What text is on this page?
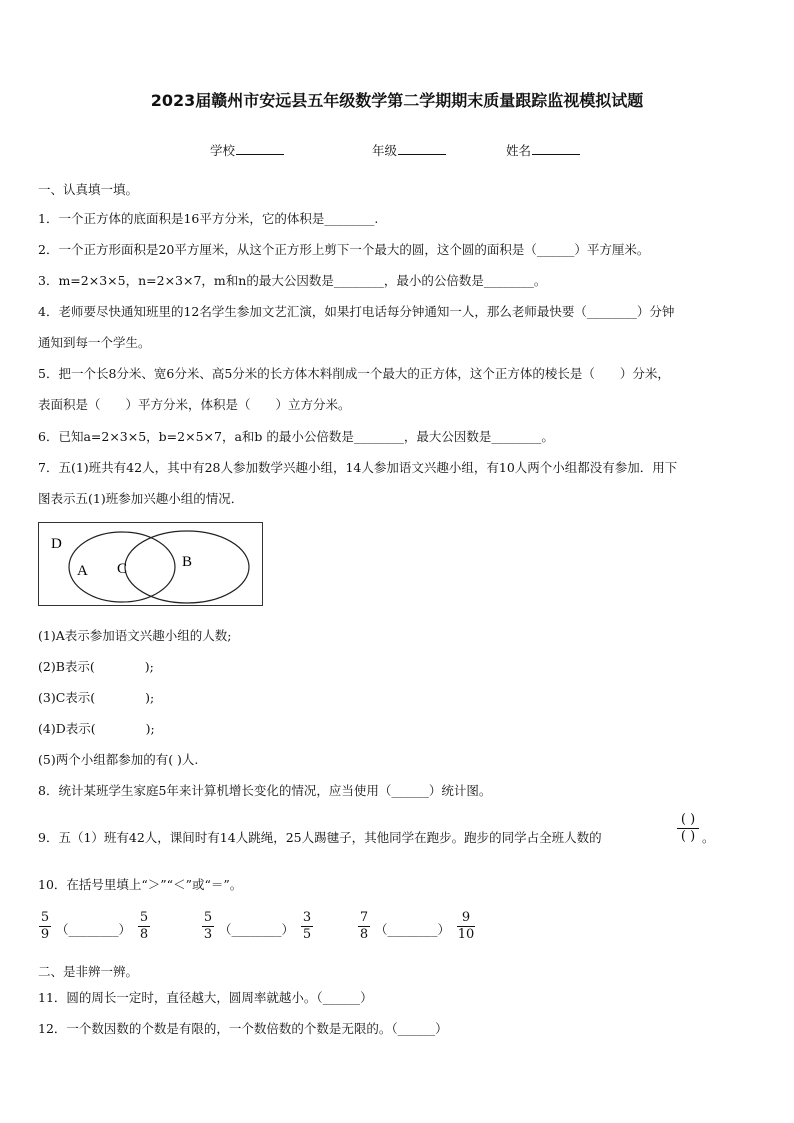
2023届赣州市安远县五年级数学第二学期期末质量跟踪监视模拟试题
学校	年级	姓名
一、认真填一填。
1．一个正方体的底面积是16平方分米，它的体积是________.
2．一个正方形面积是20平方厘米，从这个正方形上剪下一个最大的圆，这个圆的面积是（______）平方厘米。
3．m=2×3×5，n=2×3×7，m和n的最大公因数是________，最小的公倍数是________。
4．老师要尽快通知班里的12名学生参加文艺汇演，如果打电话每分钟通知一人，那么老师最快要（________）分钟
通知到每一个学生。
5．把一个长8分米、宽6分米、高5分米的长方体木料削成一个最大的正方体，这个正方体的棱长是（　　）分米，
表面积是（　　）平方分米，体积是（　　）立方分米。
6．已知a=2×3×5，b=2×5×7，a和b 的最小公倍数是________，最大公因数是________。
7．五(1)班共有42人，其中有28人参加数学兴趣小组，14人参加语文兴趣小组，有10人两个小组都没有参加．用下
图表示五(1)班参加兴趣小组的情况．
D
A C	B
(1)A表示参加语文兴趣小组的人数;
(2)B表示(　　　　);
(3)C表示(　　　　);
(4)D表示(　　　　);
(5)两个小组都参加的有( )人.
8．统计某班学生家庭5年来计算机增长变化的情况，应当使用（______）统计图。
9．五（1）班有42人，课间时有14人跳绳，25人踢毽子，其他同学在跑步。跑步的同学占全班人数的
( )
( ) 。
10．在括号里填上“＞”“＜”或“＝”。
5
9 （________）
5
8
5
3 （________）
3
5
7
8 （________）
9
10
二、是非辨一辨。
11．圆的周长一定时，直径越大，圆周率就越小。（______）
12．一个数因数的个数是有限的，一个数倍数的个数是无限的。（______）
